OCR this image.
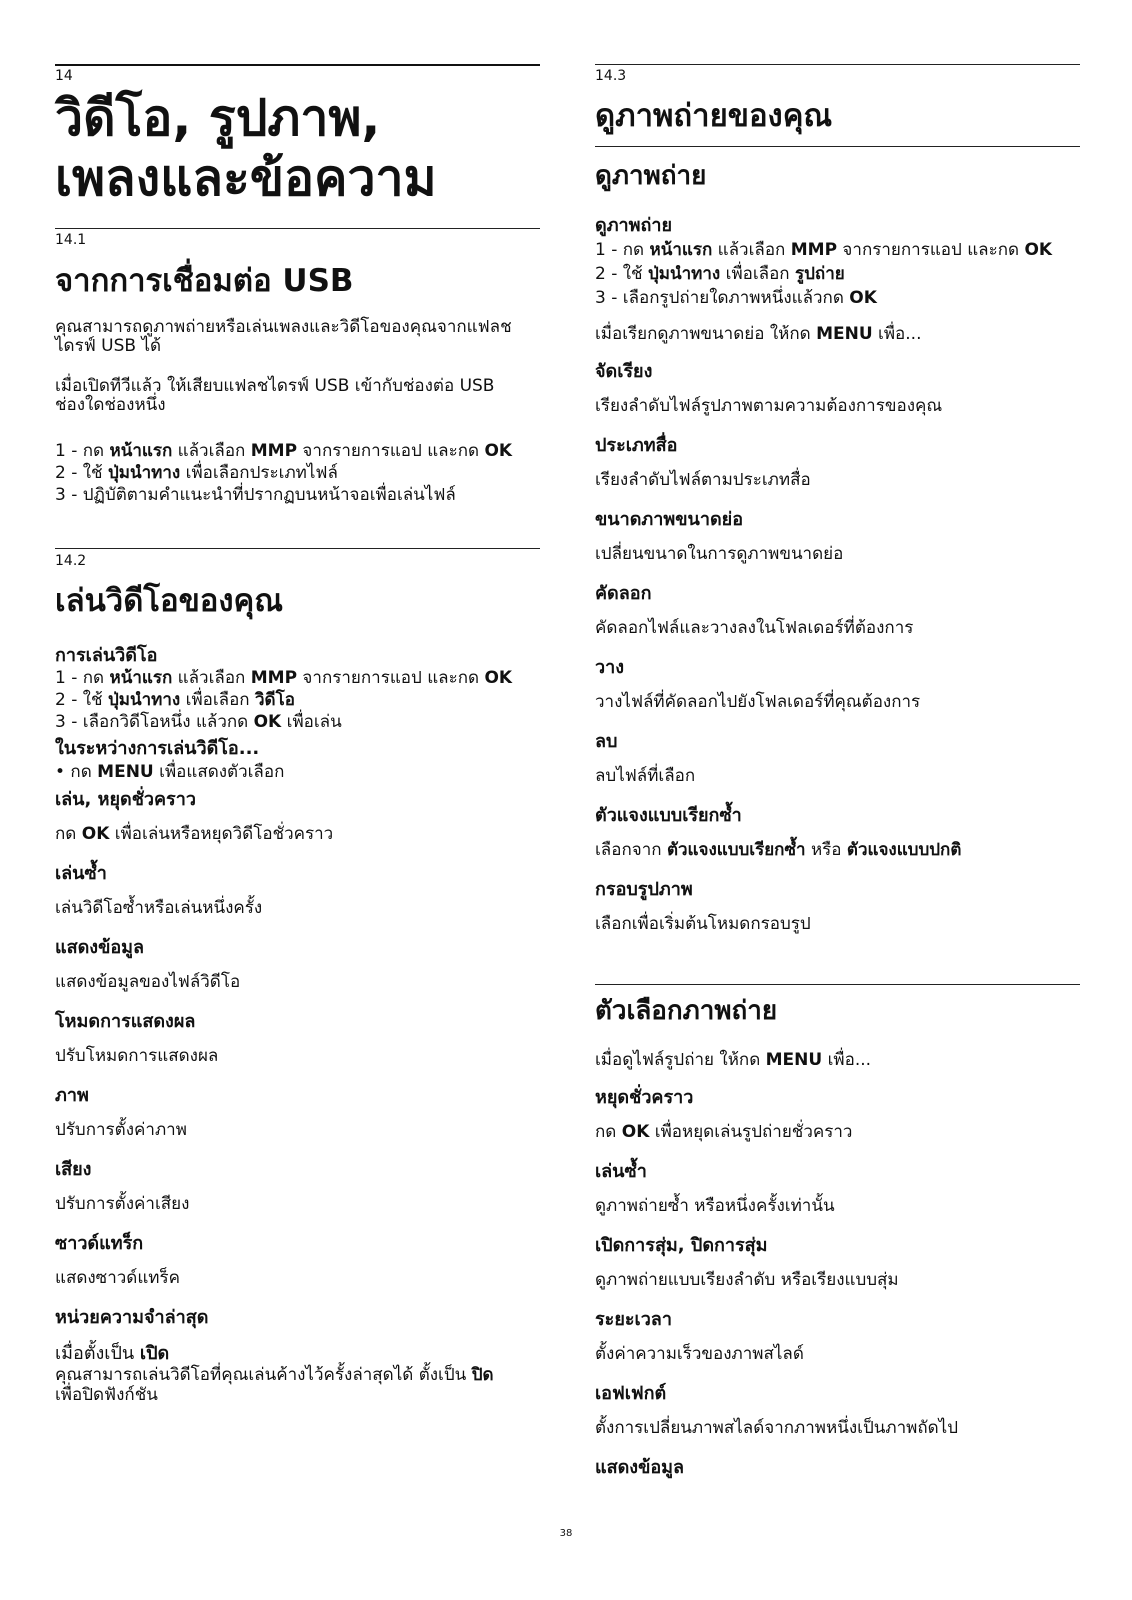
14
วิดีโอ, รูปภาพ,
เพลงและข้อความ
14.1
จากการเชื่อมต่อ USB
คุณสามารถดูภาพถ่ายหรือเล่นเพลงและวิดีโอของคุณจากแฟลชไดรฟ์ USB ได้
เมื่อเปิดทีวีแล้ว ให้เสียบแฟลชไดรฟ์ USB เข้ากับช่องต่อ USB ช่องใดช่องหนึ่ง
1 - กด หน้าแรก แล้วเลือก MMP จากรายการแอป และกด OK
2 - ใช้ ปุ่มนำทาง เพื่อเลือกประเภทไฟล์
3 - ปฏิบัติตามคำแนะนำที่ปรากฏบนหน้าจอเพื่อเล่นไฟล์
14.2
เล่นวิดีโอของคุณ
การเล่นวิดีโอ
1 - กด หน้าแรก แล้วเลือก MMP จากรายการแอป และกด OK
2 - ใช้ ปุ่มนำทาง เพื่อเลือก วิดีโอ
3 - เลือกวิดีโอหนึ่ง แล้วกด OK เพื่อเล่น
ในระหว่างการเล่นวิดีโอ...
• กด MENU เพื่อแสดงตัวเลือก
เล่น, หยุดชั่วคราว
กด OK เพื่อเล่นหรือหยุดวิดีโอชั่วคราว
เล่นซ้ำ
เล่นวิดีโอซ้ำหรือเล่นหนึ่งครั้ง
แสดงข้อมูล
แสดงข้อมูลของไฟล์วิดีโอ
โหมดการแสดงผล
ปรับโหมดการแสดงผล
ภาพ
ปรับการตั้งค่าภาพ
เสียง
ปรับการตั้งค่าเสียง
ซาวด์แทร็ก
แสดงซาวด์แทร็ค
หน่วยความจำล่าสุด
เมื่อตั้งเป็น เปิด
คุณสามารถเล่นวิดีโอที่คุณเล่นค้างไว้ครั้งล่าสุดได้ ตั้งเป็น ปิด
เพื่อปิดฟังก์ชัน
14.3
ดูภาพถ่ายของคุณ
ดูภาพถ่าย
ดูภาพถ่าย
1 - กด หน้าแรก แล้วเลือก MMP จากรายการแอป และกด OK
2 - ใช้ ปุ่มนำทาง เพื่อเลือก รูปถ่าย
3 - เลือกรูปถ่ายใดภาพหนึ่งแล้วกด OK
เมื่อเรียกดูภาพขนาดย่อ ให้กด MENU เพื่อ...
จัดเรียง
เรียงลำดับไฟล์รูปภาพตามความต้องการของคุณ
ประเภทสื่อ
เรียงลำดับไฟล์ตามประเภทสื่อ
ขนาดภาพขนาดย่อ
เปลี่ยนขนาดในการดูภาพขนาดย่อ
คัดลอก
คัดลอกไฟล์และวางลงในโฟลเดอร์ที่ต้องการ
วาง
วางไฟล์ที่คัดลอกไปยังโฟลเดอร์ที่คุณต้องการ
ลบ
ลบไฟล์ที่เลือก
ตัวแจงแบบเรียกซ้ำ
เลือกจาก ตัวแจงแบบเรียกซ้ำ หรือ ตัวแจงแบบปกติ
กรอบรูปภาพ
เลือกเพื่อเริ่มต้นโหมดกรอบรูป
ตัวเลือกภาพถ่าย
เมื่อดูไฟล์รูปถ่าย ให้กด MENU เพื่อ...
หยุดชั่วคราว
กด OK เพื่อหยุดเล่นรูปถ่ายชั่วคราว
เล่นซ้ำ
ดูภาพถ่ายซ้ำ หรือหนึ่งครั้งเท่านั้น
เปิดการสุ่ม, ปิดการสุ่ม
ดูภาพถ่ายแบบเรียงลำดับ หรือเรียงแบบสุ่ม
ระยะเวลา
ตั้งค่าความเร็วของภาพสไลด์
เอฟเฟกต์
ตั้งการเปลี่ยนภาพสไลด์จากภาพหนึ่งเป็นภาพถัดไป
แสดงข้อมูล
38
